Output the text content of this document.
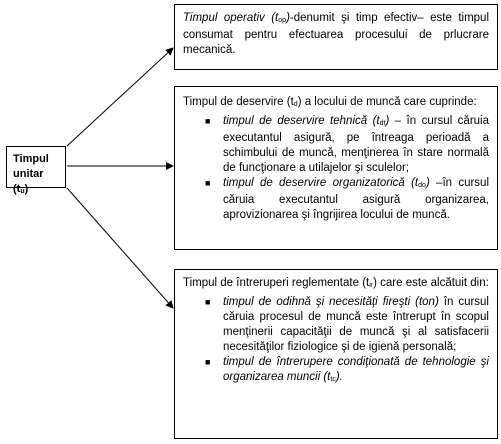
Timpul unitar (tu)
Timpul operativ (top)-denumit şi timp efectiv– este timpul consumat pentru efectuarea procesului de prlucrare mecanică.
Timpul de deservire (td) a locului de muncă care cuprinde:
■ timpul de deservire tehnică (tdt) – în cursul căruia executantul asigură, pe întreaga perioadă a schimbului de muncă, menţinerea în stare normală de funcţionare a utilajelor şi sculelor;
■ timpul de deservire organizatorică (tdo) –în cursul căruia executantul asigură organizarea, aprovizionarea şi îngrijirea locului de muncă.
Timpul de întreruperi reglementate (tir) care este alcătuit din:
■ timpul de odihnă şi necesităţi fireşti (ton) în cursul căruia procesul de muncă este întrerupt în scopul menţinerii capacităţii de muncă şi al satisfacerii necesităţilor fiziologice şi de igienă personală;
■ timpul de întrerupere condiţionată de tehnologie şi organizarea muncii (ttc).
